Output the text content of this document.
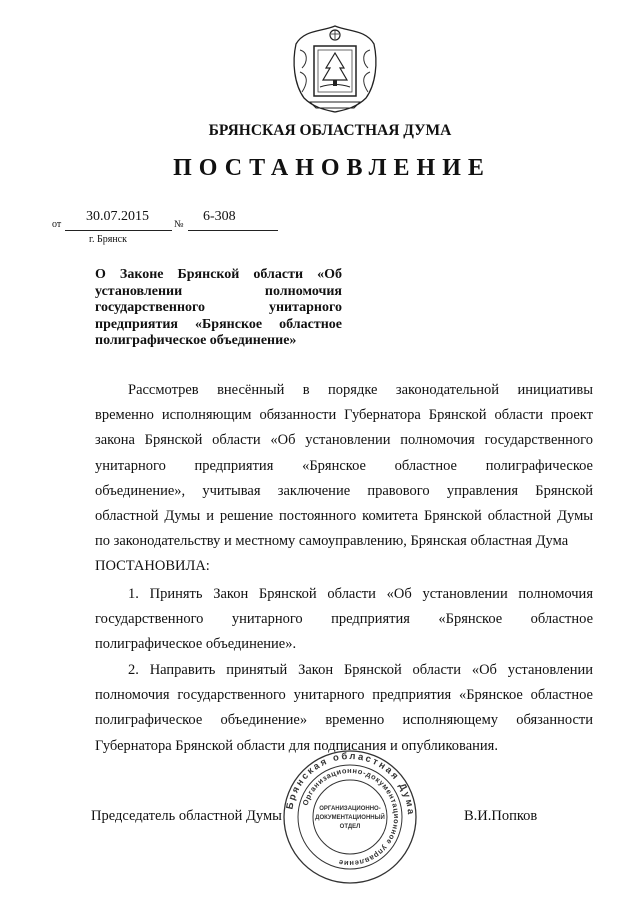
БРЯНСКАЯ ОБЛАСТНАЯ ДУМА
ПОСТАНОВЛЕНИЕ
от
30.07.2015
№
6-308
г. Брянск
О Законе Брянской области «Об
установлении полномочия
государственного унитарного
предприятия «Брянское областное
полиграфическое объединение»
Рассмотрев внесённый в порядке законодательной инициативы
временно исполняющим обязанности Губернатора Брянской области проект
закона Брянской области «Об установлении полномочия государственного
унитарного предприятия «Брянское областное полиграфическое
объединение», учитывая заключение правового управления Брянской
областной Думы и решение постоянного комитета Брянской областной Думы
по законодательству и местному самоуправлению, Брянская областная Дума
ПОСТАНОВИЛА:
1. Принять Закон Брянской области «Об установлении полномочия
государственного унитарного предприятия «Брянское областное
полиграфическое объединение».
2. Направить принятый Закон Брянской области «Об установлении
полномочия государственного унитарного предприятия «Брянское областное
полиграфическое объединение» временно исполняющему обязанности
Губернатора Брянской области для подписания и опубликования.
Брянская областная Дума
Организационно-документационное управление
ОРГАНИЗАЦИОННО-
ДОКУМЕНТАЦИОННЫЙ
ОТДЕЛ
Председатель областной Думы	В.И.Попков
